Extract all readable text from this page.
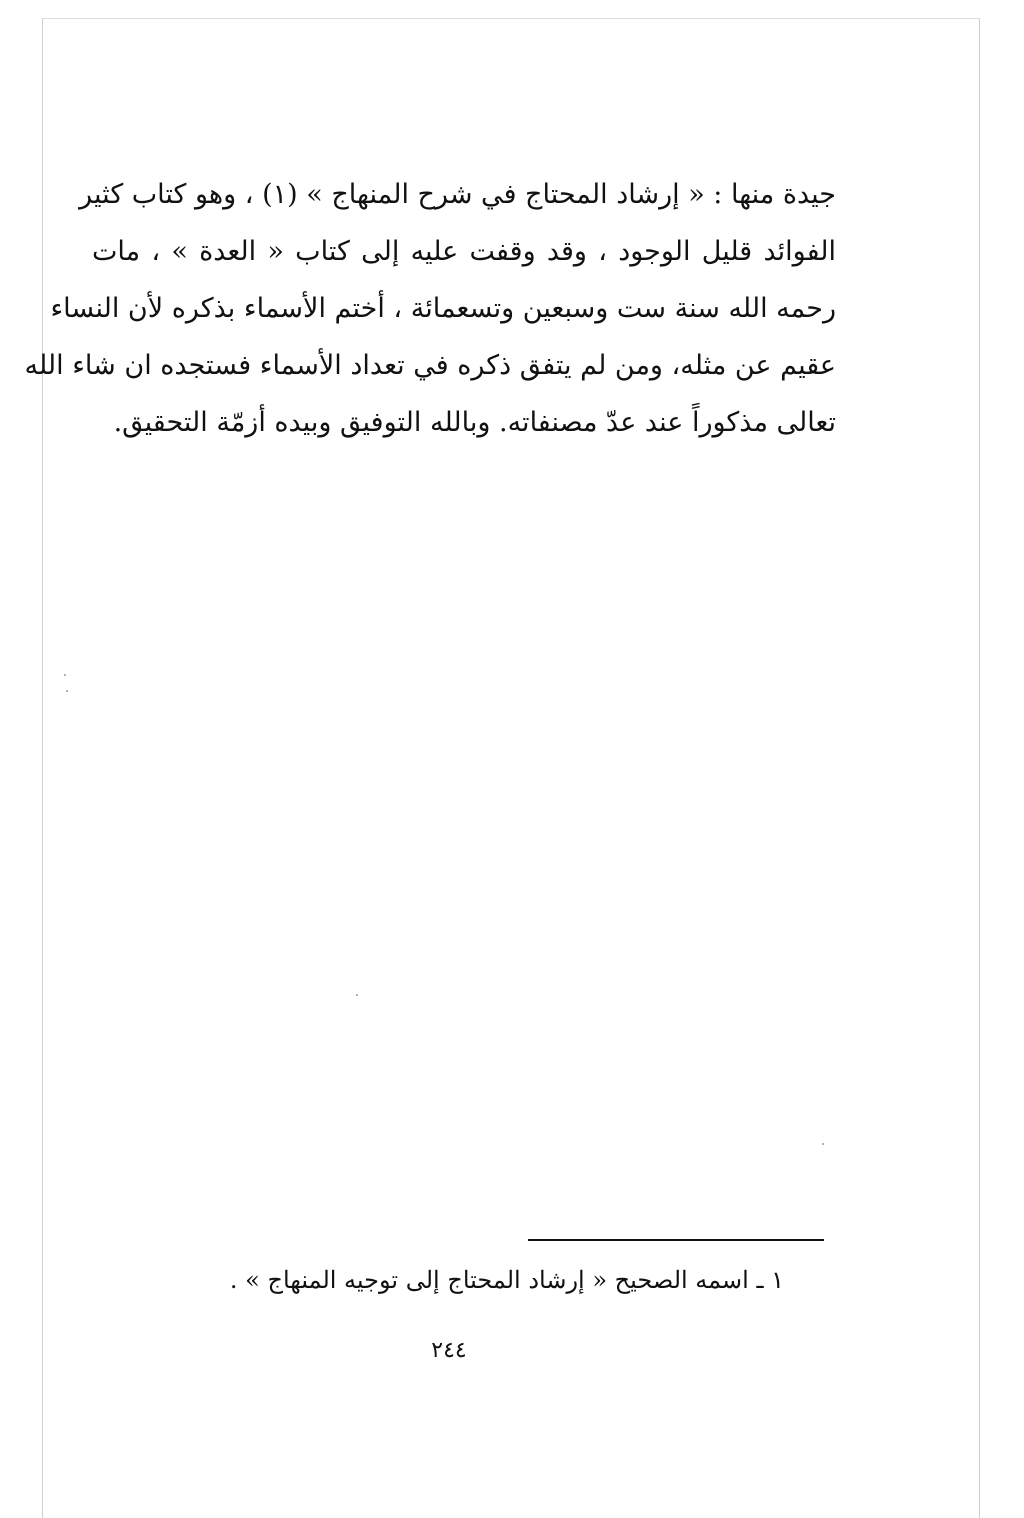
جيدة منها : « إرشاد المحتاج في شرح المنهاج » (١) ، وهو كتاب كثير
الفوائد قليل الوجود ، وقد وقفت عليه إلى كتاب « العدة » ، مات
رحمه الله سنة ست وسبعين وتسعمائة ، أختم الأسماء بذكره لأن النساء
عقيم عن مثله، ومن لم يتفق ذكره في تعداد الأسماء فستجده ان شاء الله
تعالى مذكوراً عند عدّ مصنفاته. وبالله التوفيق وبيده أزمّة التحقيق.
١ ـ اسمه الصحيح « إرشاد المحتاج إلى توجيه المنهاج » .
٢٤٤
